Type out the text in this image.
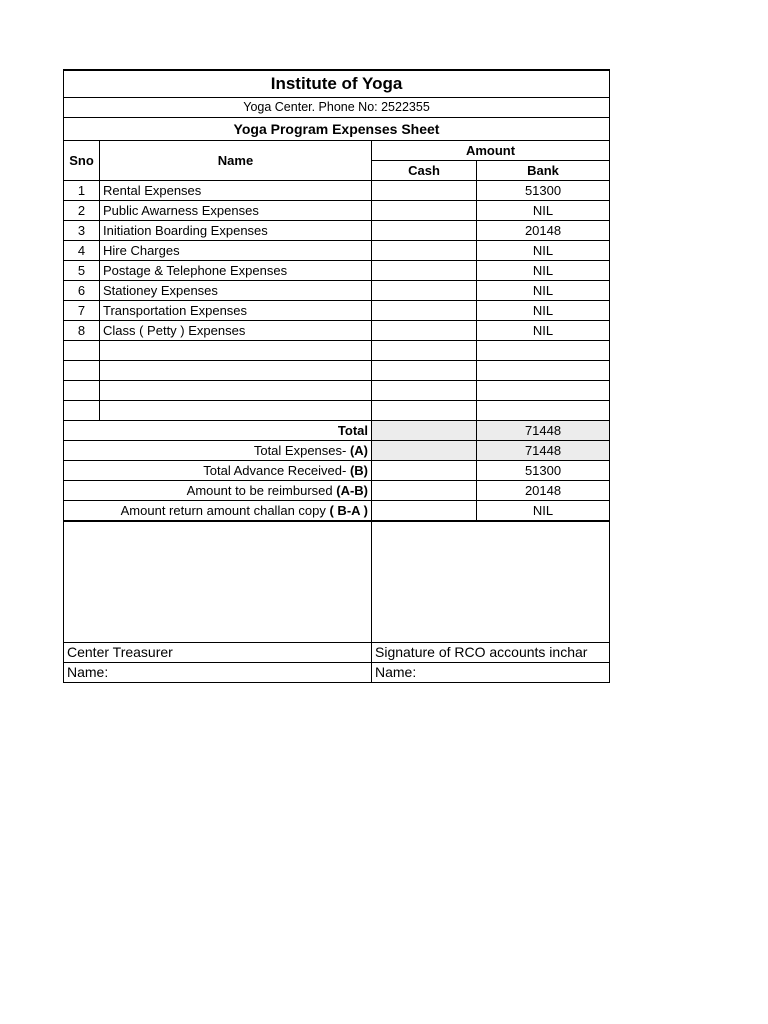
Institute of Yoga			
Yoga Center. Phone No: 2522355			
Yoga Program Expenses Sheet			
Sno	Name	Amount	
		Cash	Bank
1	Rental Expenses		51300
2	Public Awarness Expenses		NIL
3	Initiation Boarding Expenses		20148
4	Hire Charges		NIL
5	Postage & Telephone Expenses		NIL
6	Stationey Expenses		NIL
7	Transportation Expenses		NIL
8	Class ( Petty ) Expenses		NIL

Total			71448
Total Expenses- (A)			71448
Total Advance Received- (B)			51300
Amount to be reimbursed (A-B)			20148
Amount return amount challan copy ( B-A )			NIL

Center Treasurer		Signature of RCO accounts inchar	
Name:		Name:	
